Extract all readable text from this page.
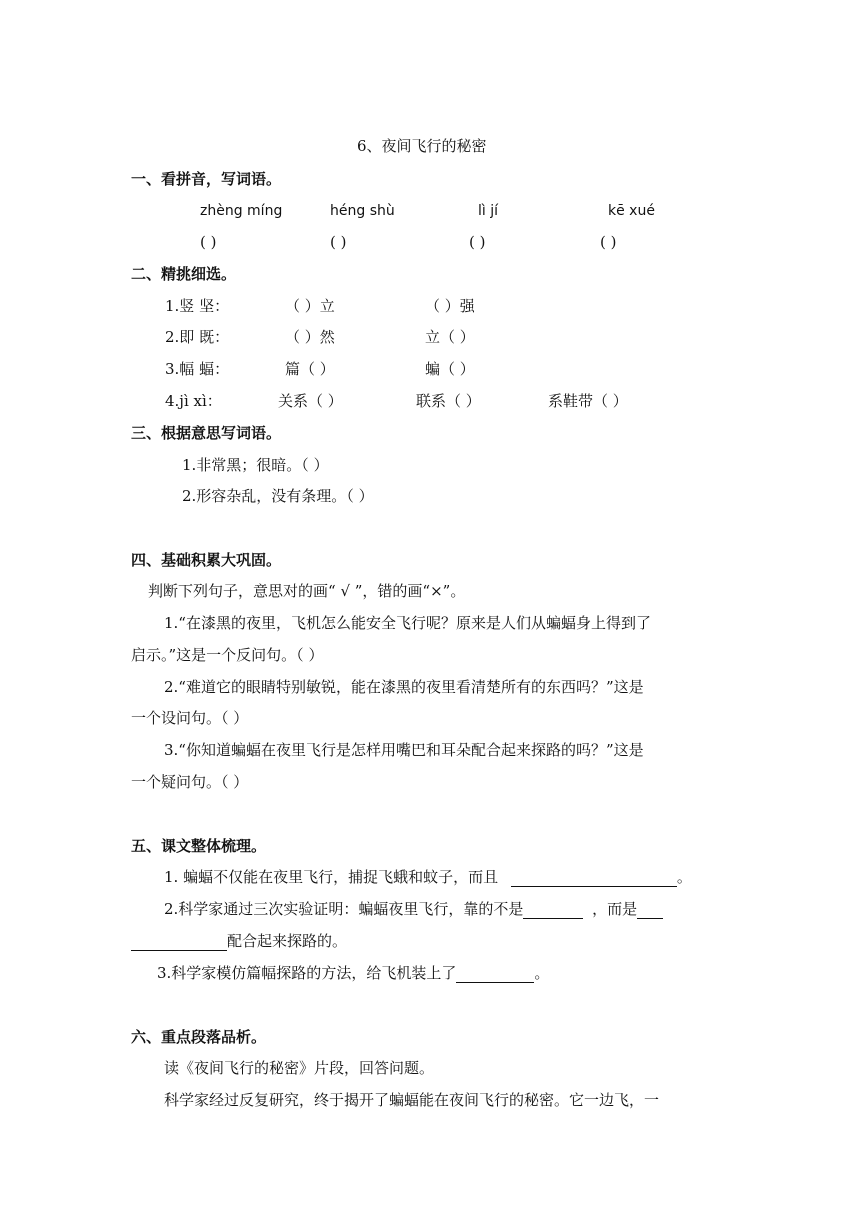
6、夜间飞行的秘密
一、看拼音，写词语。
zhèng míng	héng shù	lì jí	kē xué
( )	( )	( )	( )
二、精挑细选。
1.竖 坚：	（ ）立	（ ）强
2.即 既：	（ ）然	立（ ）
3.幅 蝠：	篇（ ）	蝙（ ）
4.jì xì：	关系（ ）	联系（ ）	系鞋带（ ）
三、根据意思写词语。
1.非常黑；很暗。（ ）
2.形容杂乱，没有条理。（ ）
四、基础积累大巩固。
判断下列句子，意思对的画“ √ ”，错的画“×”。
1.“在漆黑的夜里，飞机怎么能安全飞行呢？原来是人们从蝙蝠身上得到了
启示。”这是一个反问句。（ ）
2.“难道它的眼睛特别敏锐，能在漆黑的夜里看清楚所有的东西吗？”这是
一个设问句。（ ）
3.“你知道蝙蝠在夜里飞行是怎样用嘴巴和耳朵配合起来探路的吗？”这是
一个疑问句。（ ）
五、课文整体梳理。
1. 蝙蝠不仅能在夜里飞行，捕捉飞蛾和蚊子，而且	。
2.科学家通过三次实验证明：蝙蝠夜里飞行，靠的不是	，而是
配合起来探路的。
3.科学家模仿篇幅探路的方法，给飞机装上了	。
六、重点段落品析。
读《夜间飞行的秘密》片段，回答问题。
科学家经过反复研究，终于揭开了蝙蝠能在夜间飞行的秘密。它一边飞，一
